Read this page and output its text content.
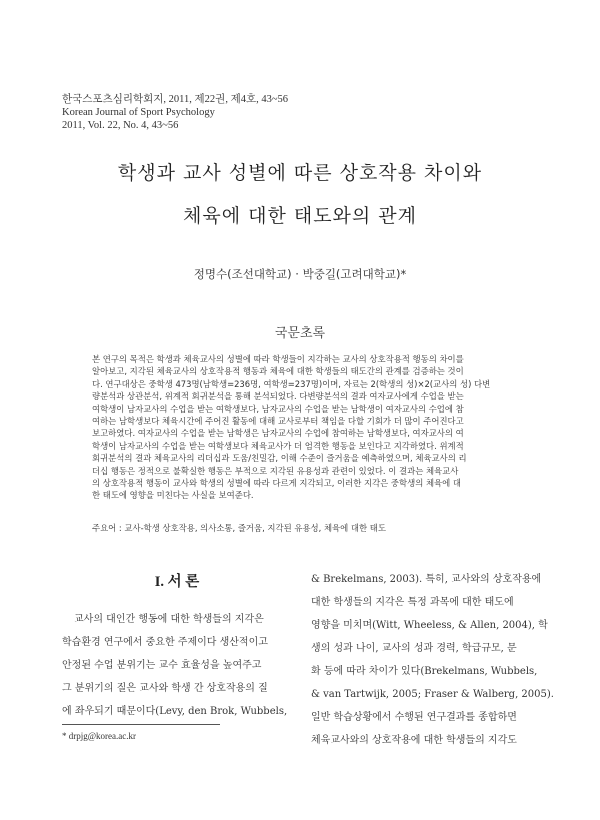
한국스포츠심리학회지, 2011, 제22권, 제4호, 43~56
Korean Journal of Sport Psychology
2011, Vol. 22, No. 4, 43~56
학생과 교사 성별에 따른 상호작용 차이와
체육에 대한 태도와의 관계
정명수(조선대학교) · 박중길(고려대학교)*
국문초록
본 연구의 목적은 학생과 체육교사의 성별에 따라 학생들이 지각하는 교사의 상호작용적 행동의 차이를
알아보고, 지각된 체육교사의 상호작용적 행동과 체육에 대한 학생들의 태도간의 관계를 검증하는 것이
다. 연구대상은 중학생 473명(남학생=236명, 여학생=237명)이며, 자료는 2(학생의 성)×2(교사의 성) 다변
량분석과 상관분석, 위계적 회귀분석을 통해 분석되었다. 다변량분석의 결과 여자교사에게 수업을 받는
여학생이 남자교사의 수업을 받는 여학생보다, 남자교사의 수업을 받는 남학생이 여자교사의 수업에 참
여하는 남학생보다 체육시간에 주어진 활동에 대해 교사로부터 책임을 다할 기회가 더 많이 주어진다고
보고하였다. 여자교사의 수업을 받는 남학생은 남자교사의 수업에 참여하는 남학생보다, 여자교사의 여
학생이 남자교사의 수업을 받는 여학생보다 체육교사가 더 엄격한 행동을 보인다고 지각하였다. 위계적
회귀분석의 결과 체육교사의 리더십과 도움/친밀감, 이해 수준이 즐거움을 예측하였으며, 체육교사의 리
더십 행동은 정적으로 불확실한 행동은 부적으로 지각된 유용성과 관련이 있었다. 이 결과는 체육교사
의 상호작용적 행동이 교사와 학생의 성별에 따라 다르게 지각되고, 이러한 지각은 중학생의 체육에 대
한 태도에 영향을 미친다는 사실을 보여준다.
주요어 : 교사-학생 상호작용, 의사소통, 즐거움, 지각된 유용성, 체육에 대한 태도
I. 서 론
교사의 대인간 행동에 대한 학생들의 지각은
학습환경 연구에서 중요한 주제이다 생산적이고
안정된 수업 분위기는 교수 효율성을 높여주고
그 분위기의 질은 교사와 학생 간 상호작용의 질
에 좌우되기 때문이다(Levy, den Brok, Wubbels,
& Brekelmans, 2003). 특히, 교사와의 상호작용에
대한 학생들의 지각은 특정 과목에 대한 태도에
영향을 미치며(Witt, Wheeless, & Allen, 2004), 학
생의 성과 나이, 교사의 성과 경력, 학급규모, 문
화 등에 따라 차이가 있다(Brekelmans, Wubbels,
& van Tartwijk, 2005; Fraser & Walberg, 2005).
일반 학습상황에서 수행된 연구결과를 종합하면
체육교사와의 상호작용에 대한 학생들의 지각도
* drpjg@korea.ac.kr
